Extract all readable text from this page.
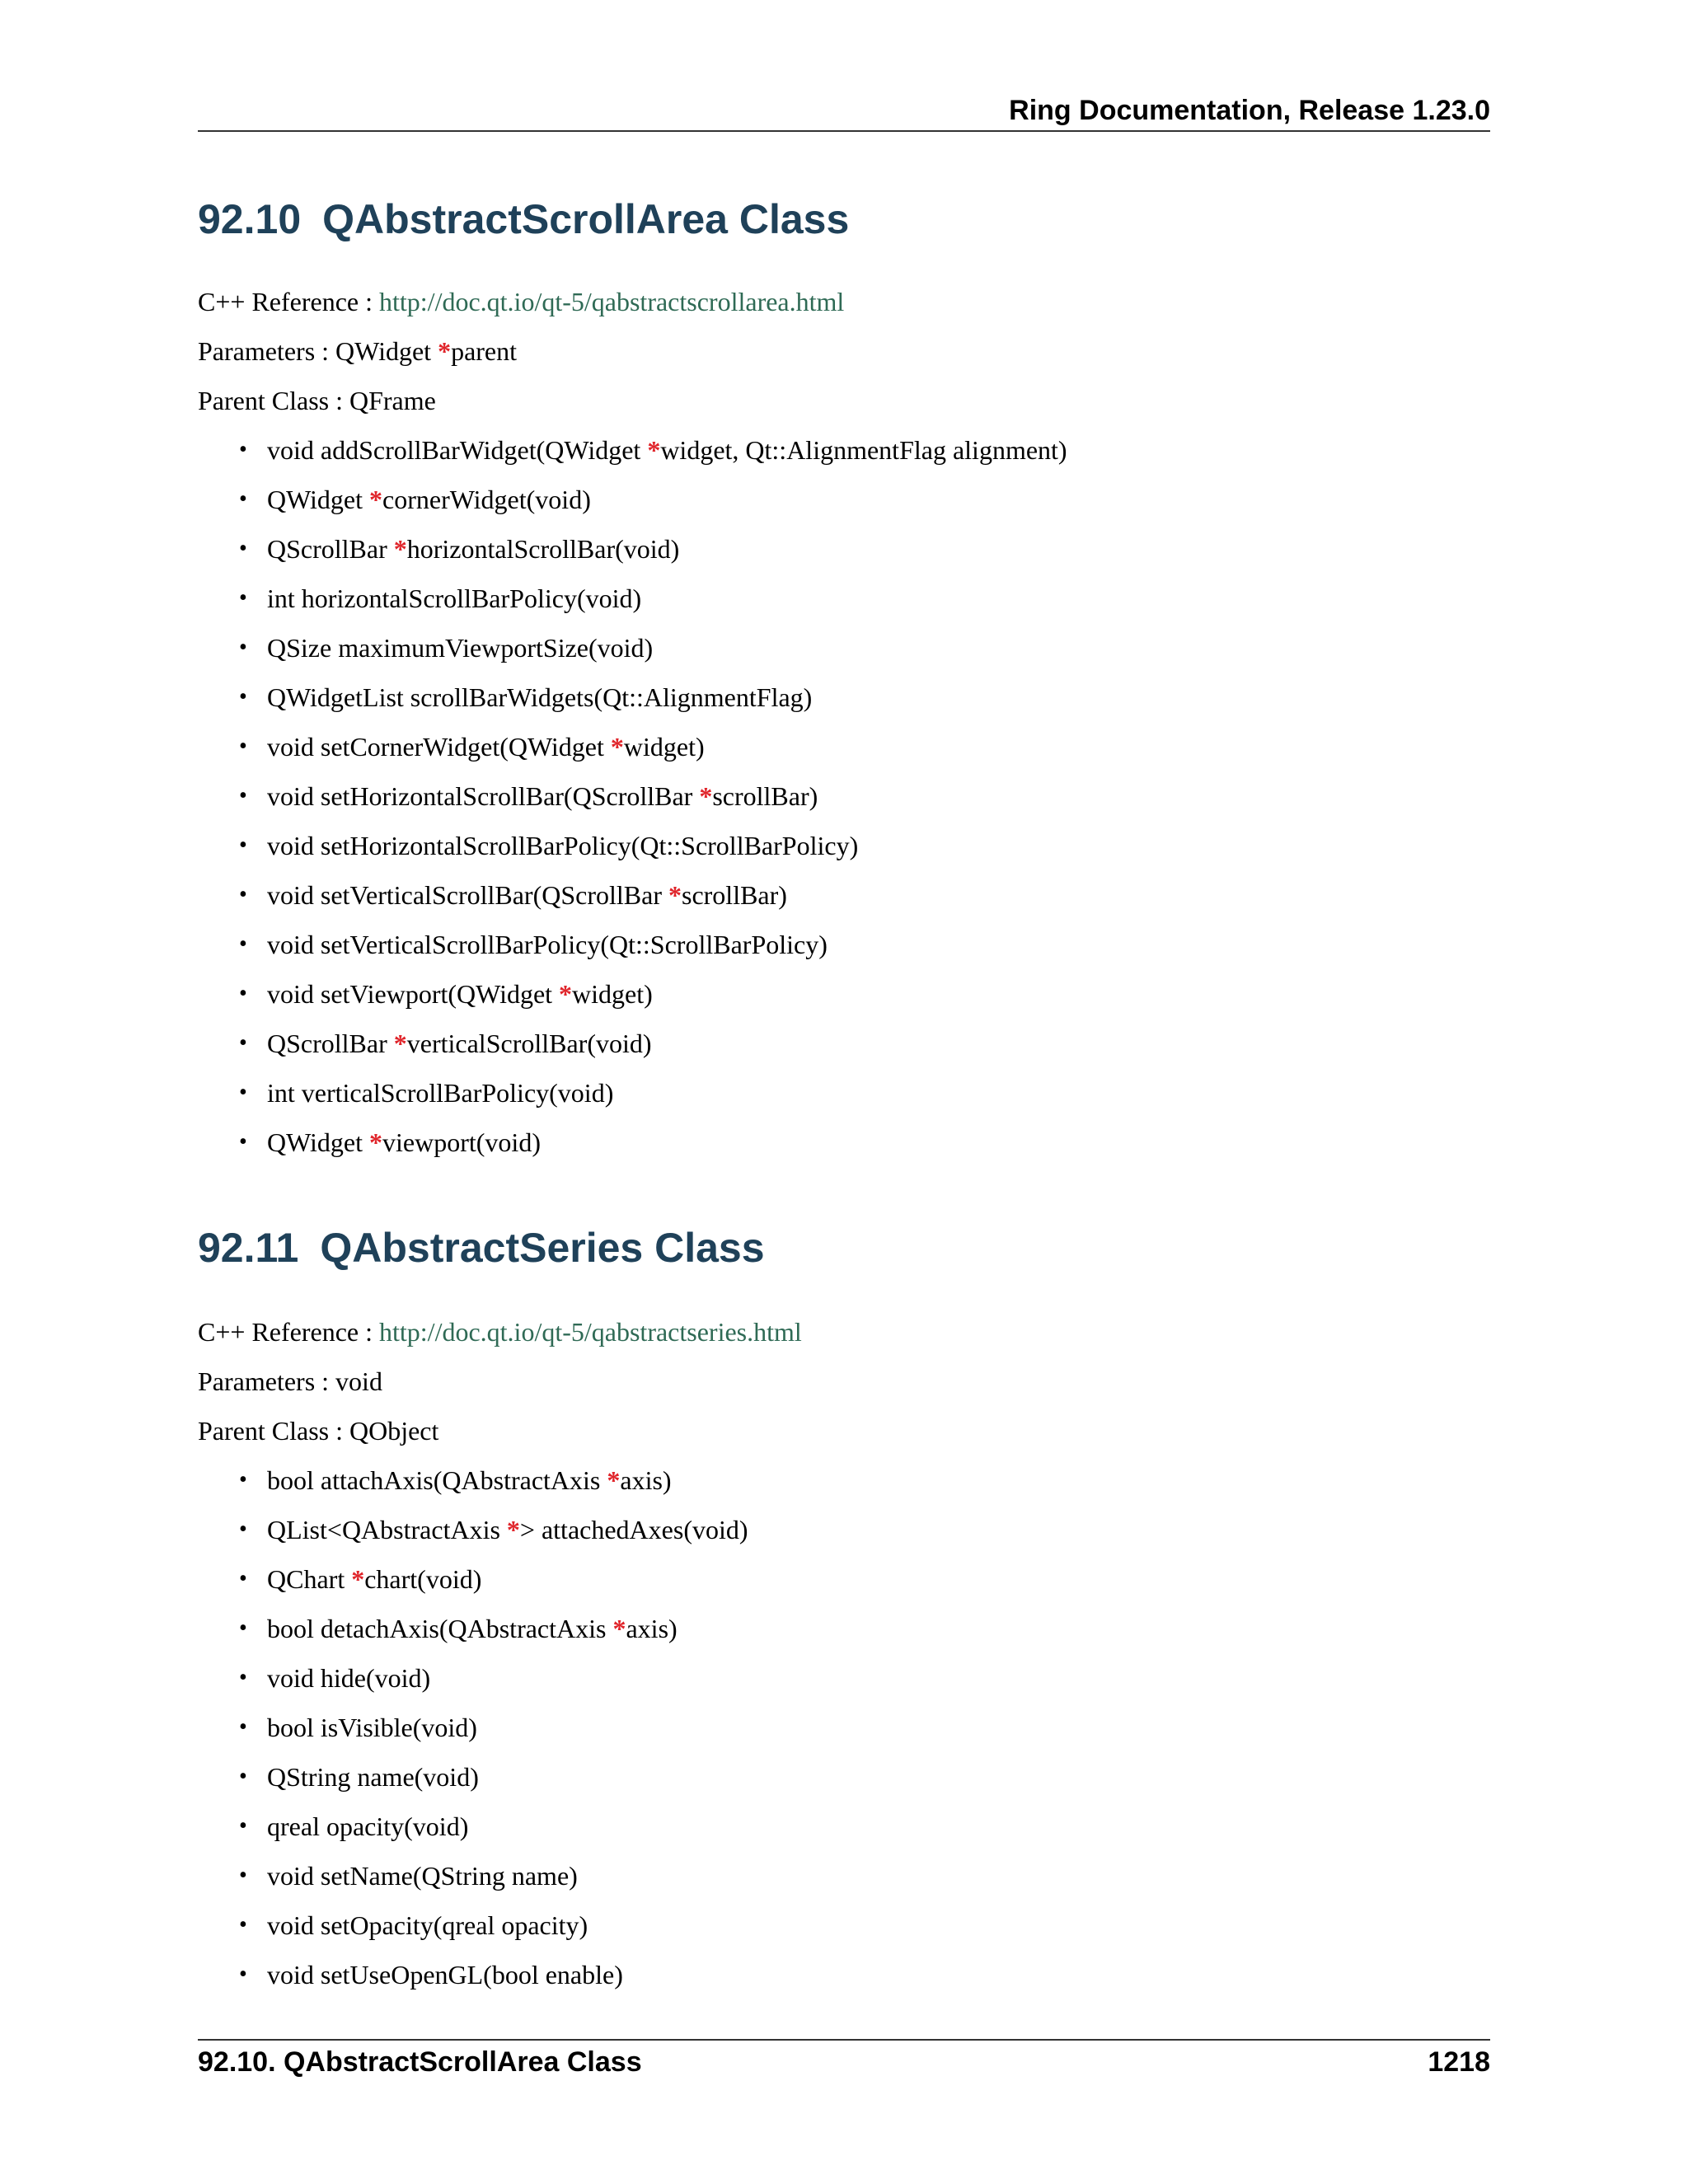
Ring Documentation, Release 1.23.0
92.10 QAbstractScrollArea Class
C++ Reference : http://doc.qt.io/qt-5/qabstractscrollarea.html
Parameters : QWidget *parent
Parent Class : QFrame
• void addScrollBarWidget(QWidget *widget, Qt::AlignmentFlag alignment)
• QWidget *cornerWidget(void)
• QScrollBar *horizontalScrollBar(void)
• int horizontalScrollBarPolicy(void)
• QSize maximumViewportSize(void)
• QWidgetList scrollBarWidgets(Qt::AlignmentFlag)
• void setCornerWidget(QWidget *widget)
• void setHorizontalScrollBar(QScrollBar *scrollBar)
• void setHorizontalScrollBarPolicy(Qt::ScrollBarPolicy)
• void setVerticalScrollBar(QScrollBar *scrollBar)
• void setVerticalScrollBarPolicy(Qt::ScrollBarPolicy)
• void setViewport(QWidget *widget)
• QScrollBar *verticalScrollBar(void)
• int verticalScrollBarPolicy(void)
• QWidget *viewport(void)
92.11 QAbstractSeries Class
C++ Reference : http://doc.qt.io/qt-5/qabstractseries.html
Parameters : void
Parent Class : QObject
• bool attachAxis(QAbstractAxis *axis)
• QList<QAbstractAxis *> attachedAxes(void)
• QChart *chart(void)
• bool detachAxis(QAbstractAxis *axis)
• void hide(void)
• bool isVisible(void)
• QString name(void)
• qreal opacity(void)
• void setName(QString name)
• void setOpacity(qreal opacity)
• void setUseOpenGL(bool enable)
92.10. QAbstractScrollArea Class	1218
